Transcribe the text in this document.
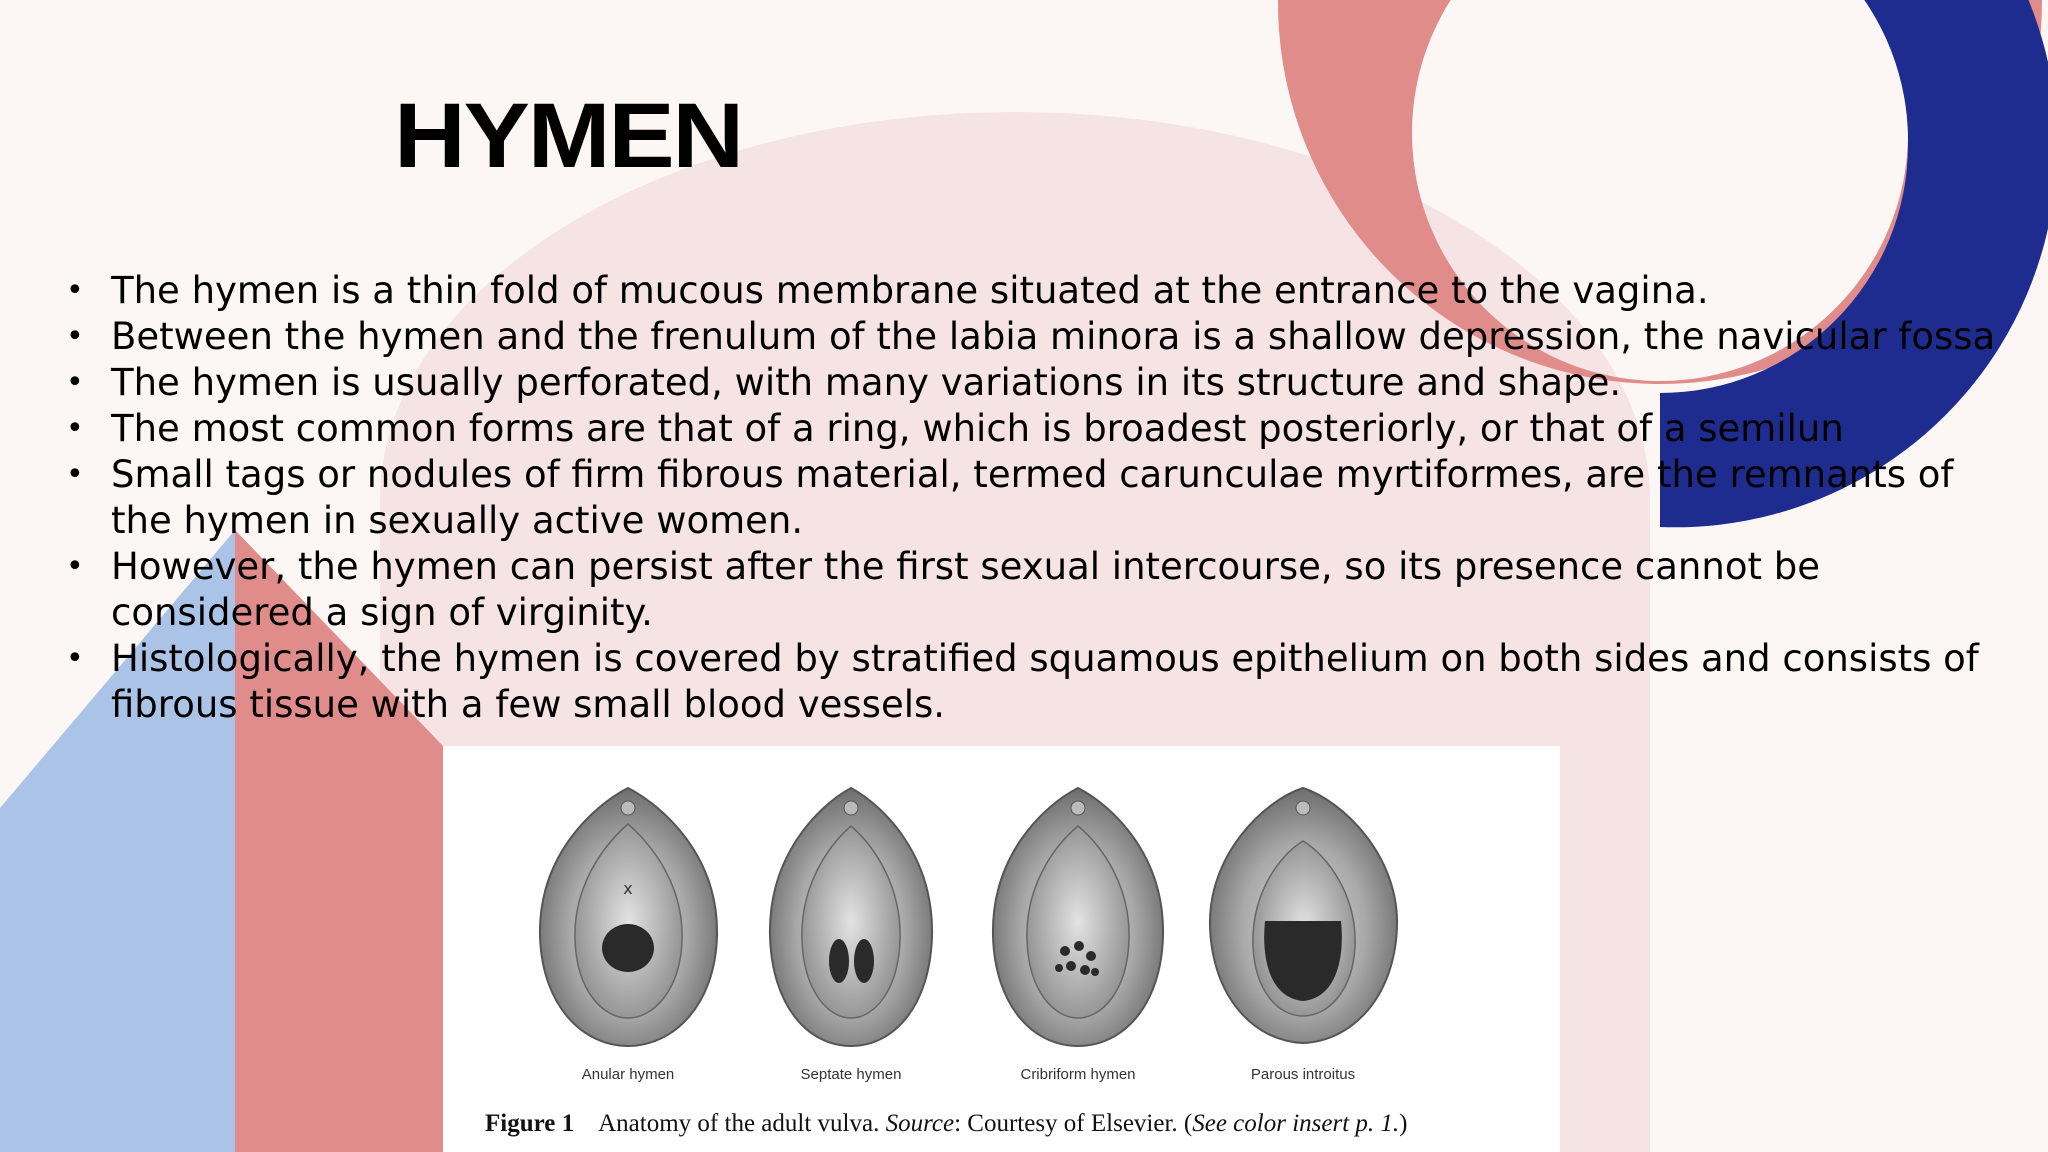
HYMEN
• The hymen is a thin fold of mucous membrane situated at the entrance to the vagina.
• Between the hymen and the frenulum of the labia minora is a shallow depression, the navicular fossa
• The hymen is usually perforated, with many variations in its structure and shape.
• The most common forms are that of a ring, which is broadest posteriorly, or that of a semilun
• Small tags or nodules of firm fibrous material, termed carunculae myrtiformes, are the remnants of the hymen in sexually active women.
• However, the hymen can persist after the first sexual intercourse, so its presence cannot be considered a sign of virginity.
• Histologically, the hymen is covered by stratified squamous epithelium on both sides and consists of fibrous tissue with a few small blood vessels.
x
Anular hymen	Septate hymen	Cribriform hymen	Parous introitus
Figure 1 Anatomy of the adult vulva. Source: Courtesy of Elsevier. (See color insert p. 1.)
